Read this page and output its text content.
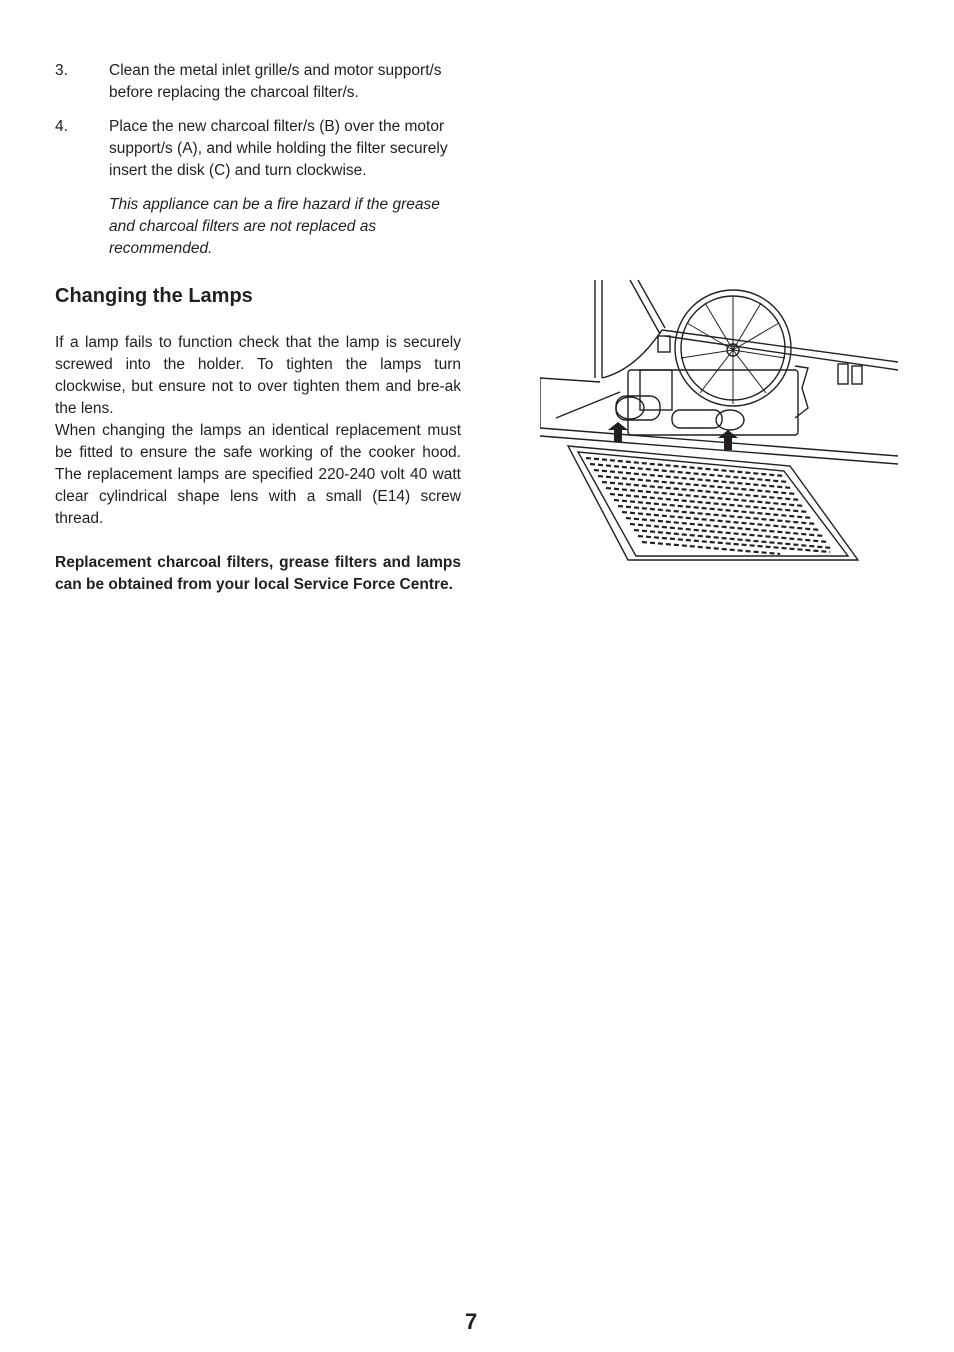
3.	Clean the metal inlet grille/s and motor support/s before replacing the charcoal filter/s.
4.	Place the new charcoal filter/s (B) over the motor support/s (A), and while holding the filter securely insert the disk (C) and turn clockwise.
This appliance can be a fire hazard if the grease and charcoal filters are not replaced as recommended.
Changing the Lamps
If a lamp fails to function check that the lamp is securely screwed into the holder. To tighten the lamps turn clockwise, but ensure not to over tighten them and bre-ak the lens.
When changing the lamps an identical replacement must be fitted to ensure the safe working of the cooker hood. The replacement lamps are specified 220-240 volt 40 watt clear cylindrical shape lens with a small (E14) screw thread.
Replacement charcoal filters, grease filters and lamps can be obtained from your local Service Force Centre.
7
